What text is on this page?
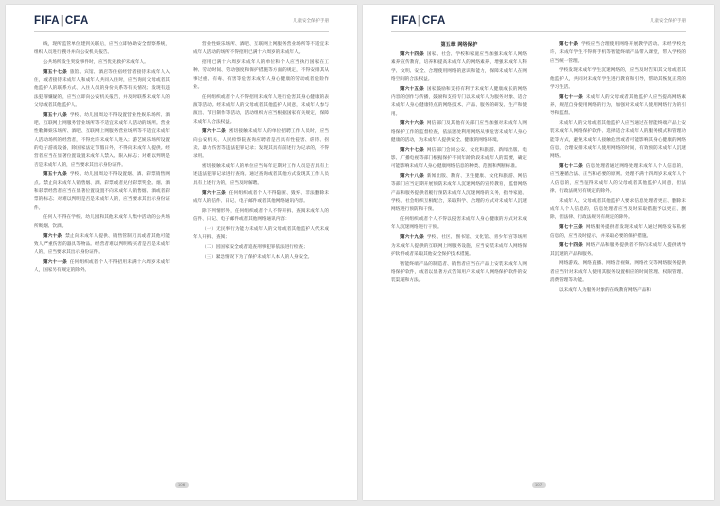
FIFA|CFA	儿童安全保护手册

线，现所监管单位建到关联后，应当立即协助安全督察系统，组织人员进行搜寻并向公安机关报告。

公共场所发生突发事件时，应当优先救护未成年人。

第五十七条 旅馆、宾馆、酒店等住宿经营者接待未成年人入住，或者接待未成年人和成年人共同入住时，应当询问父母或者其他监护人的联系方式、入住人员的身份关系等有关情况；发现有违法犯罪嫌疑的，应当立即向公安机关报告，并及时联系未成年人的父母或者其他监护人。

第五十八条 学校、幼儿园周边不得设置营业性娱乐场所、酒吧、互联网上网服务营业场所等不适宜未成年人活动的场所。营业性歌舞娱乐场所、酒吧、互联网上网服务营业场所等不适宜未成年人活动场所的经营者，不得允许未成年人进入；游艺娱乐场所设置的电子游戏设备，除国家法定节假日外，不得向未成年人提供。经营者应当在显著位置设置未成年人禁入、限入标志；对难以判明是否是未成年人的，应当要求其出示身份证件。

第五十九条 学校、幼儿园周边不得设置烟、酒、彩票销售网点。禁止向未成年人销售烟、酒、彩票或者兑付彩票奖金。烟、酒和彩票经营者应当在显著位置设置不向未成年人销售烟、酒或者彩票的标志；对难以判明是否是未成年人的，应当要求其出示身份证件。

任何人不得在学校、幼儿园和其他未成年人集中活动的公共场所吸烟、饮酒。

第六十条 禁止向未成年人提供、销售管制刀具或者其他可能致人严重伤害的器具等物品。经营者难以判明购买者是否是未成年人的，应当要求其出示身份证件。

第六十一条 任何组织或者个人不得招用未满十六周岁未成年人，国家另有规定的除外。

营业性娱乐场所、酒吧、互联网上网服务营业场所等不适宜未成年人活动的场所不得招用已满十六周岁的未成年人。

招用已满十六周岁未成年人的单位和个人应当执行国家在工种、劳动时间、劳动强度和保护措施等方面的规定，不得安排其从事过重、有毒、有害等危害未成年人身心健康的劳动或者危险作业。

任何组织或者个人不得招用未成年人进行危害其身心健康的表演等活动。经未成年人的父母或者其他监护人同意，未成年人参与演出、节目制作等活动，活动组织方应当根据国家有关规定，保障未成年人合法权益。

第六十二条 密切接触未成年人的单位招聘工作人员时，应当向公安机关、人民检察院查询应聘者是否具有性侵害、虐待、拐卖、暴力伤害等违法犯罪记录；发现其具有前述行为记录的，不得录用。

密切接触未成年人的单位应当每年定期对工作人员是否具有上述违法犯罪记录进行查询。通过查询或者其他方式发现其工作人员具有上述行为的，应当及时解聘。

第六十三条 任何组织或者个人不得隐匿、毁弃、非法删除未成年人的信件、日记、电子邮件或者其他网络通讯内容。

除下列情形外，任何组织或者个人不得开拆、查阅未成年人的信件、日记、电子邮件或者其他网络通讯内容：

（一）无民事行为能力未成年人的父母或者其他监护人代未成年人开拆、查阅；

（二）因国家安全或者追查刑事犯罪依法进行检查；

（三）紧急情况下为了保护未成年人本人的人身安全。

106
FIFA|CFA	儿童安全保护手册

第五章 网络保护

第六十四条 国家、社会、学校和家庭应当加强未成年人网络素养宣传教育，培养和提高未成年人的网络素养，增强未成年人科学、文明、安全、合理使用网络的意识和能力，保障未成年人在网络空间的合法权益。

第六十五条 国家鼓励和支持有利于未成年人健康成长的网络内容的创作与传播，鼓励和支持专门以未成年人为服务对象、适合未成年人身心健康特点的网络技术、产品、服务的研发、生产和使用。

第六十六条 网信部门及其他有关部门应当加强对未成年人网络保护工作的监督检查，依法惩处利用网络从事危害未成年人身心健康的活动，为未成年人提供安全、健康的网络环境。

第六十七条 网信部门会同公安、文化和旅游、新闻出版、电影、广播电视等部门根据保护不同年龄阶段未成年人的需要，确定可能影响未成年人身心健康网络信息的种类、范围和判断标准。

第六十八条 新闻出版、教育、卫生健康、文化和旅游、网信等部门应当定期开展预防未成年人沉迷网络的宣传教育，监督网络产品和服务提供者履行预防未成年人沉迷网络的义务，指导家庭、学校、社会组织互相配合，采取科学、合理的方式对未成年人沉迷网络进行预防和干预。

任何组织或者个人不得以侵害未成年人身心健康的方式对未成年人沉迷网络进行干预。

第六十九条 学校、社区、图书馆、文化馆、青少年宫等场所为未成年人提供的互联网上网服务设施，应当安装未成年人网络保护软件或者采取其他安全保护技术措施。

智能终端产品的制造者、销售者应当在产品上安装未成年人网络保护软件，或者以显著方式告知用户未成年人网络保护软件的安装渠道和方法。

第七十条 学校应当合理使用网络开展教学活动。未经学校允许，未成年学生不得将手机等智能终端产品带入课堂，带入学校的应当统一管理。

学校发现未成年学生沉迷网络的，应当及时告知其父母或者其他监护人，共同对未成年学生进行教育和引导，帮助其恢复正常的学习生活。

第七十一条 未成年人的父母或者其他监护人应当提高网络素养，规范自身使用网络的行为，加强对未成年人使用网络行为的引导和监督。

未成年人的父母或者其他监护人应当通过在智能终端产品上安装未成年人网络保护软件、选择适合未成年人的服务模式和管理功能等方式，避免未成年人接触危害或者可能影响其身心健康的网络信息，合理安排未成年人使用网络的时间，有效预防未成年人沉迷网络。

第七十二条 信息处理者通过网络处理未成年人个人信息的，应当遵循合法、正当和必要的原则。处理不满十四周岁未成年人个人信息的，应当征得未成年人的父母或者其他监护人同意，但法律、行政法规另有规定的除外。

未成年人、父母或者其他监护人要求信息处理者更正、删除未成年人个人信息的，信息处理者应当及时采取措施予以更正、删除，但法律、行政法规另有规定的除外。

第七十三条 网络服务提供者发现未成年人通过网络发布私密信息的，应当及时提示，并采取必要的保护措施。

第七十四条 网络产品和服务提供者不得向未成年人提供诱导其沉迷的产品和服务。

网络游戏、网络直播、网络音视频、网络社交等网络服务提供者应当针对未成年人使用其服务设置相应的时间管理、权限管理、消费管理等功能。

以未成年人为服务对象的在线教育网络产品和

107
